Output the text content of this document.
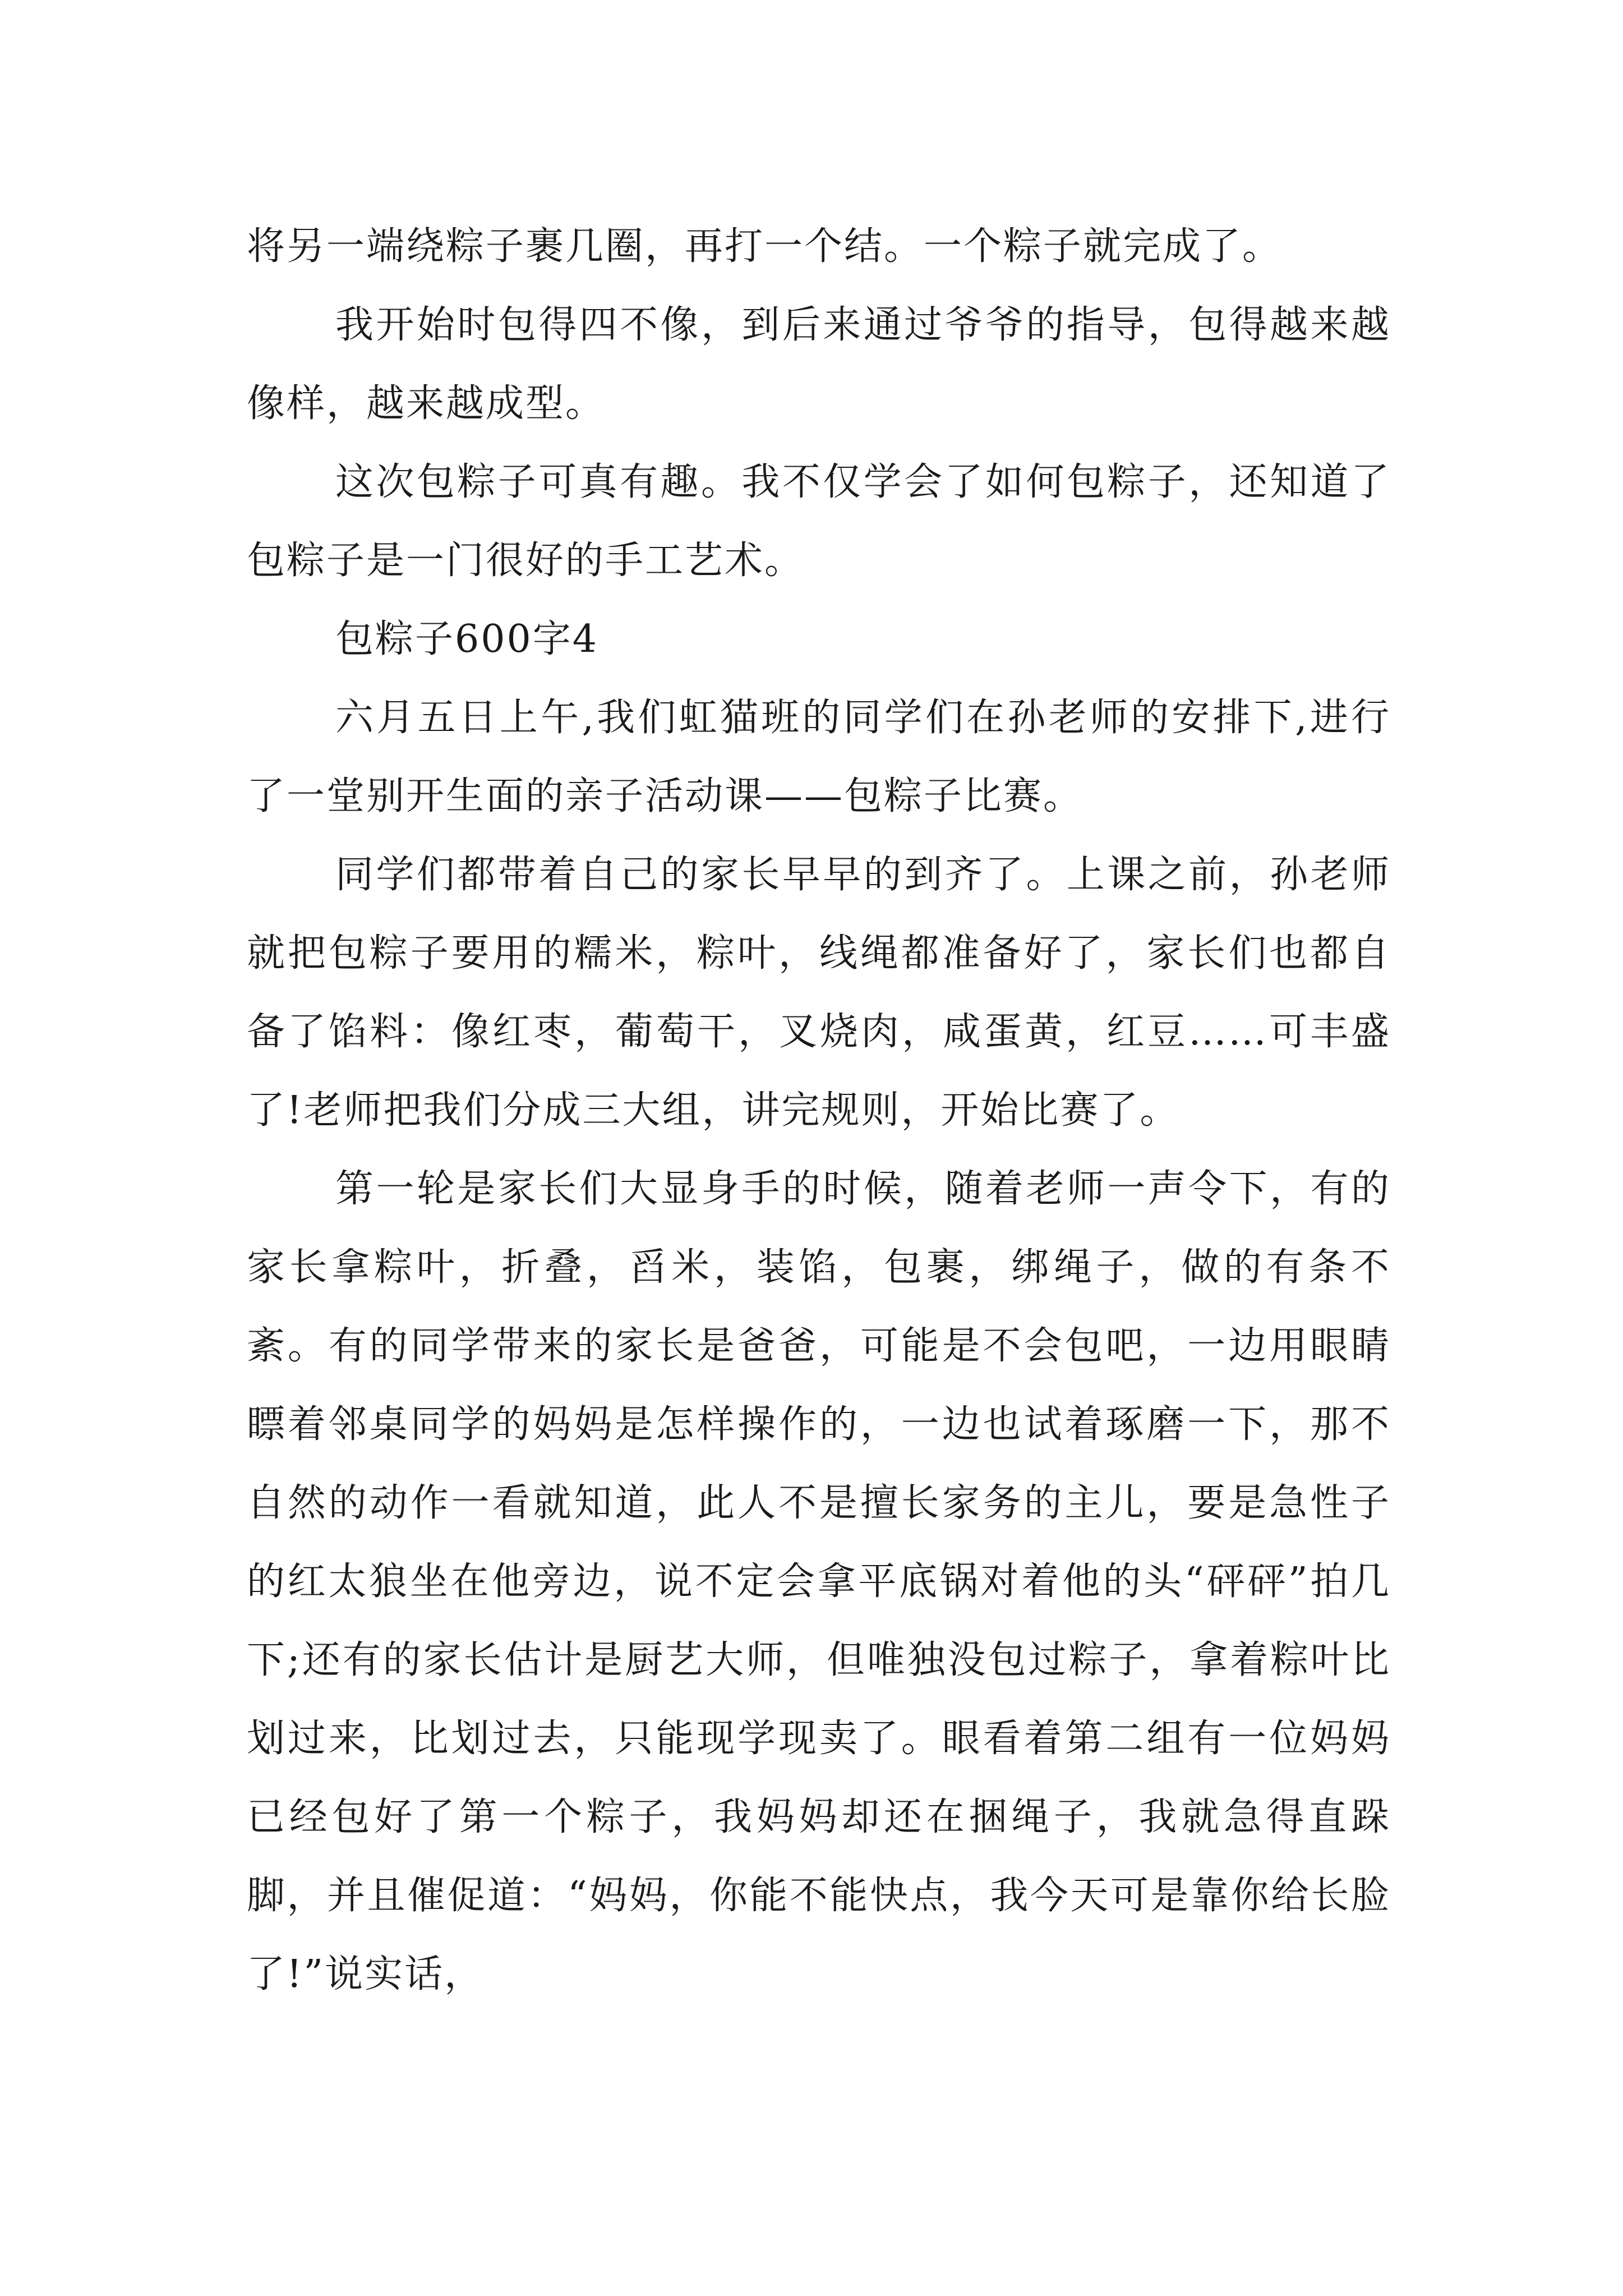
将另一端绕粽子裹几圈，再打一个结。一个粽子就完成了。

我开始时包得四不像，到后来通过爷爷的指导，包得越来越像样，越来越成型。

这次包粽子可真有趣。我不仅学会了如何包粽子，还知道了包粽子是一门很好的手工艺术。

包粽子600字4

六月五日上午,我们虹猫班的同学们在孙老师的安排下,进行了一堂别开生面的亲子活动课——包粽子比赛。

同学们都带着自己的家长早早的到齐了。上课之前，孙老师就把包粽子要用的糯米，粽叶，线绳都准备好了，家长们也都自备了馅料：像红枣，葡萄干，叉烧肉，咸蛋黄，红豆……可丰盛了!老师把我们分成三大组，讲完规则，开始比赛了。

第一轮是家长们大显身手的时候，随着老师一声令下，有的家长拿粽叶，折叠，舀米，装馅，包裹，绑绳子，做的有条不紊。有的同学带来的家长是爸爸，可能是不会包吧，一边用眼睛瞟着邻桌同学的妈妈是怎样操作的，一边也试着琢磨一下，那不自然的动作一看就知道，此人不是擅长家务的主儿，要是急性子的红太狼坐在他旁边，说不定会拿平底锅对着他的头“砰砰”拍几下;还有的家长估计是厨艺大师，但唯独没包过粽子，拿着粽叶比划过来，比划过去，只能现学现卖了。眼看着第二组有一位妈妈已经包好了第一个粽子，我妈妈却还在捆绳子，我就急得直跺脚，并且催促道：“妈妈，你能不能快点，我今天可是靠你给长脸了!”说实话，
